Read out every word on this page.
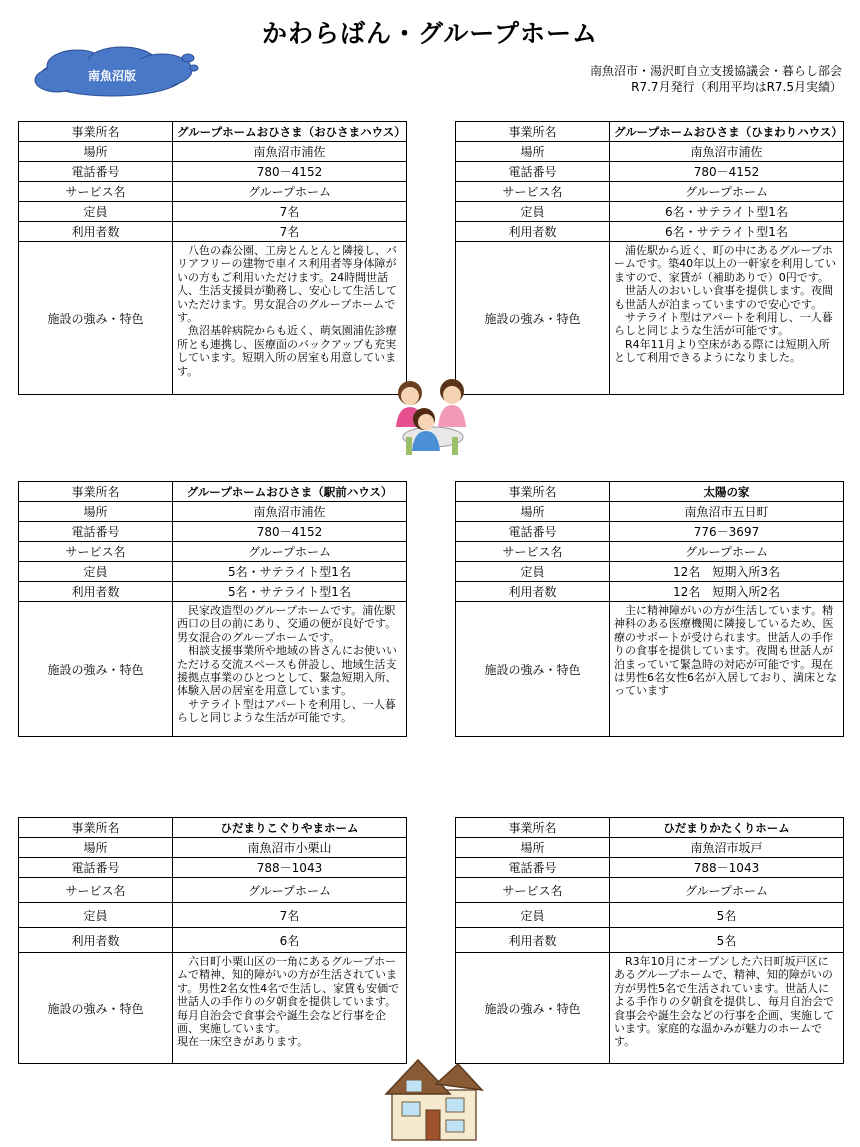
かわらばん・グループホーム
南魚沼版	南魚沼市・湯沢町自立支援協議会・暮らし部会
R7.7月発行（利用平均はR7.5月実績）
事業所名	グループホームおひさま（おひさまハウス）
場所	南魚沼市浦佐
電話番号	780－4152
サービス名	グループホーム
定員	7名
利用者数	7名
施設の強み・特色	　八色の森公園、工房とんとんと隣接し、バリアフリーの建物で車イス利用者等身体障がいの方もご利用いただけます。24時間世話人、生活支援員が勤務し、安心して生活していただけます。男女混合のグループホームです。
　魚沼基幹病院からも近く、萌気園浦佐診療所とも連携し、医療面のバックアップも充実しています。短期入所の居室も用意しています。
事業所名	グループホームおひさま（ひまわりハウス）
場所	南魚沼市浦佐
電話番号	780－4152
サービス名	グループホーム
定員	6名・サテライト型1名
利用者数	6名・サテライト型1名
施設の強み・特色	　浦佐駅から近く、町の中にあるグループホームです。築40年以上の一軒家を利用していますので、家賃が（補助ありで）0円です。
　世話人のおいしい食事を提供します。夜間も世話人が泊まっていますので安心です。
　サテライト型はアパートを利用し、一人暮らしと同じような生活が可能です。
　R4年11月より空床がある際には短期入所として利用できるようになりました。
事業所名	グループホームおひさま（駅前ハウス）
場所	南魚沼市浦佐
電話番号	780－4152
サービス名	グループホーム
定員	5名・サテライト型1名
利用者数	5名・サテライト型1名
施設の強み・特色	　民家改造型のグループホームです。浦佐駅西口の目の前にあり、交通の便が良好です。男女混合のグループホームです。
　相談支援事業所や地域の皆さんにお使いいただける交流スペースも併設し、地域生活支援拠点事業のひとつとして、緊急短期入所、体験入居の居室を用意しています。
　サテライト型はアパートを利用し、一人暮らしと同じような生活が可能です。
事業所名	太陽の家
場所	南魚沼市五日町
電話番号	776－3697
サービス名	グループホーム
定員	12名　短期入所3名
利用者数	12名　短期入所2名
施設の強み・特色	　主に精神障がいの方が生活しています。精神科のある医療機関に隣接しているため、医療のサポートが受けられます。世話人の手作りの食事を提供しています。夜間も世話人が泊まっていて緊急時の対応が可能です。現在は男性6名女性6名が入居しており、満床となっています
事業所名	ひだまりこぐりやまホーム
場所	南魚沼市小栗山
電話番号	788－1043
サービス名	グループホーム
定員	7名
利用者数	6名
施設の強み・特色	　六日町小栗山区の一角にあるグループホームで精神、知的障がいの方が生活されています。男性2名女性4名で生活し、家賃も安価で世話人の手作りの夕朝食を提供しています。毎月自治会で食事会や誕生会など行事を企画、実施しています。
現在一床空きがあります。
事業所名	ひだまりかたくりホーム
場所	南魚沼市坂戸
電話番号	788－1043
サービス名	グループホーム
定員	5名
利用者数	5名
施設の強み・特色	　R3年10月にオープンした六日町坂戸区にあるグループホームで、精神、知的障がいの方が男性5名で生活されています。世話人による手作りの夕朝食を提供し、毎月自治会で食事会や誕生会などの行事を企画、実施しています。家庭的な温かみが魅力のホームです。
